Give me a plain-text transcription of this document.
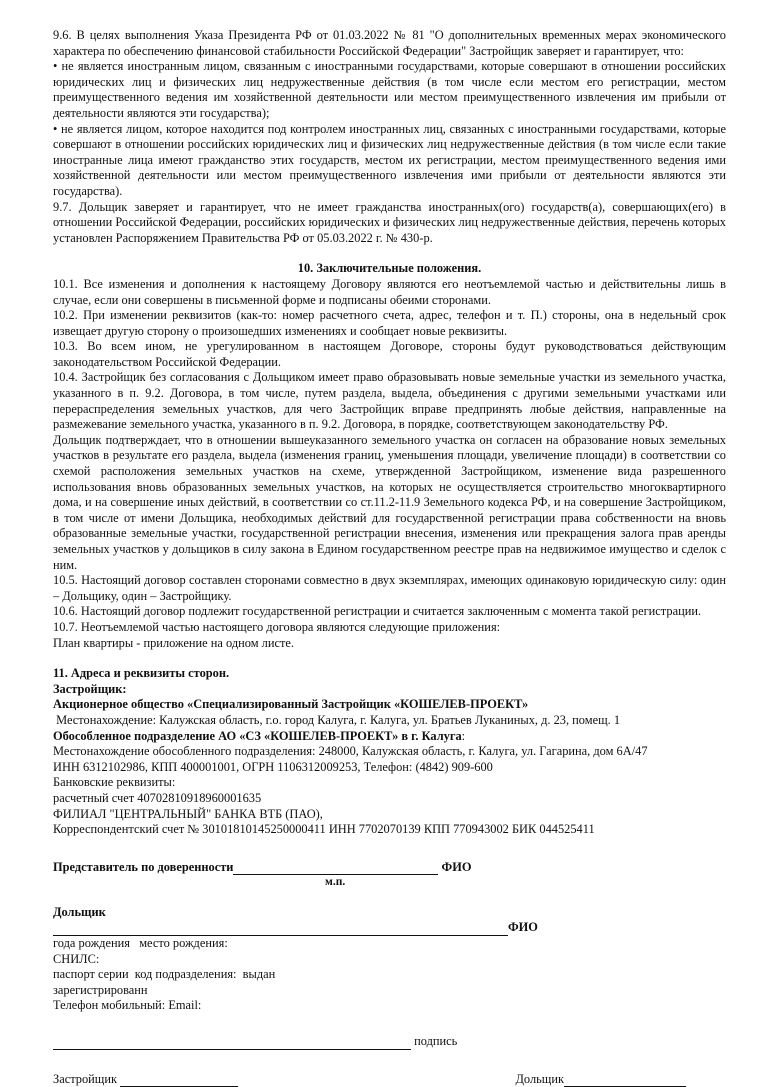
9.6. В целях выполнения Указа Президента РФ от 01.03.2022 № 81 "О дополнительных временных мерах экономического характера по обеспечению финансовой стабильности Российской Федерации" Застройщик заверяет и гарантирует, что:

• не является иностранным лицом, связанным с иностранными государствами, которые совершают в отношении российских юридических лиц и физических лиц недружественные действия (в том числе если местом его регистрации, местом преимущественного ведения им хозяйственной деятельности или местом преимущественного извлечения им прибыли от деятельности являются эти государства);

• не является лицом, которое находится под контролем иностранных лиц, связанных с иностранными государствами, которые совершают в отношении российских юридических лиц и физических лиц недружественные действия (в том числе если такие иностранные лица имеют гражданство этих государств, местом их регистрации, местом преимущественного ведения ими хозяйственной деятельности или местом преимущественного извлечения ими прибыли от деятельности являются эти государства).

9.7. Дольщик заверяет и гарантирует, что не имеет гражданства иностранных(ого) государств(а), совершающих(его) в отношении Российской Федерации, российских юридических и физических лиц недружественные действия, перечень которых установлен Распоряжением Правительства РФ от 05.03.2022 г. № 430-р.

10. Заключительные положения.

10.1. Все изменения и дополнения к настоящему Договору являются его неотъемлемой частью и действительны лишь в случае, если они совершены в письменной форме и подписаны обеими сторонами.

10.2. При изменении реквизитов (как-то: номер расчетного счета, адрес, телефон и т. П.) стороны, она в недельный срок извещает другую сторону о произошедших изменениях и сообщает новые реквизиты.

10.3. Во всем ином, не урегулированном в настоящем Договоре, стороны будут руководствоваться действующим законодательством Российской Федерации.

10.4. Застройщик без согласования с Дольщиком имеет право образовывать новые земельные участки из земельного участка, указанного в п. 9.2. Договора, в том числе, путем раздела, выдела, объединения с другими земельными участками или перераспределения земельных участков, для чего Застройщик вправе предпринять любые действия, направленные на размежевание земельного участка, указанного в п. 9.2. Договора, в порядке, соответствующем законодательству РФ.

Дольщик подтверждает, что в отношении вышеуказанного земельного участка он согласен на образование новых земельных участков в результате его раздела, выдела (изменения границ, уменьшения площади, увеличение площади) в соответствии со схемой расположения земельных участков на схеме, утвержденной Застройщиком, изменение вида разрешенного использования вновь образованных земельных участков, на которых не осуществляется строительство многоквартирного дома, и на совершение иных действий, в соответствии со ст.11.2-11.9 Земельного кодекса РФ, и на совершение Застройщиком, в том числе от имени Дольщика, необходимых действий для государственной регистрации права собственности на вновь образованные земельные участки, государственной регистрации внесения, изменения или прекращения залога прав аренды земельных участков у дольщиков в силу закона в Едином государственном реестре прав на недвижимое имущество и сделок с ним.

10.5. Настоящий договор составлен сторонами совместно в двух экземплярах, имеющих одинаковую юридическую силу: один – Дольщику, один – Застройщику.

10.6. Настоящий договор подлежит государственной регистрации и считается заключенным с момента такой регистрации.

10.7. Неотъемлемой частью настоящего договора являются следующие приложения:

План квартиры - приложение на одном листе.

11. Адреса и реквизиты сторон.

Застройщик:

Акционерное общество «Специализированный Застройщик «КОШЕЛЕВ-ПРОЕКТ»

Местонахождение: Калужская область, г.о. город Калуга, г. Калуга, ул. Братьев Луканиных, д. 23, помещ. 1

Обособленное подразделение АО «СЗ «КОШЕЛЕВ-ПРОЕКТ» в г. Калуга:

Местонахождение обособленного подразделения: 248000, Калужская область, г. Калуга, ул. Гагарина, дом 6А/47

ИНН 6312102986, КПП 400001001, ОГРН 1106312009253, Телефон: (4842) 909-600

Банковские реквизиты:

расчетный счет 40702810918960001635

ФИЛИАЛ "ЦЕНТРАЛЬНЫЙ" БАНКА ВТБ (ПАО),

Корреспондентский счет № 30101810145250000411 ИНН 7702070139 КПП 770943002 БИК 044525411

Представитель по доверенности	ФИО
м.п.

Дольщик

ФИО

года рождения   место рождения:

СНИЛС:

паспорт серии  код подразделения:  выдан

зарегистрированн

Телефон мобильный: Email:

подпись
Застройщик	Дольщик
